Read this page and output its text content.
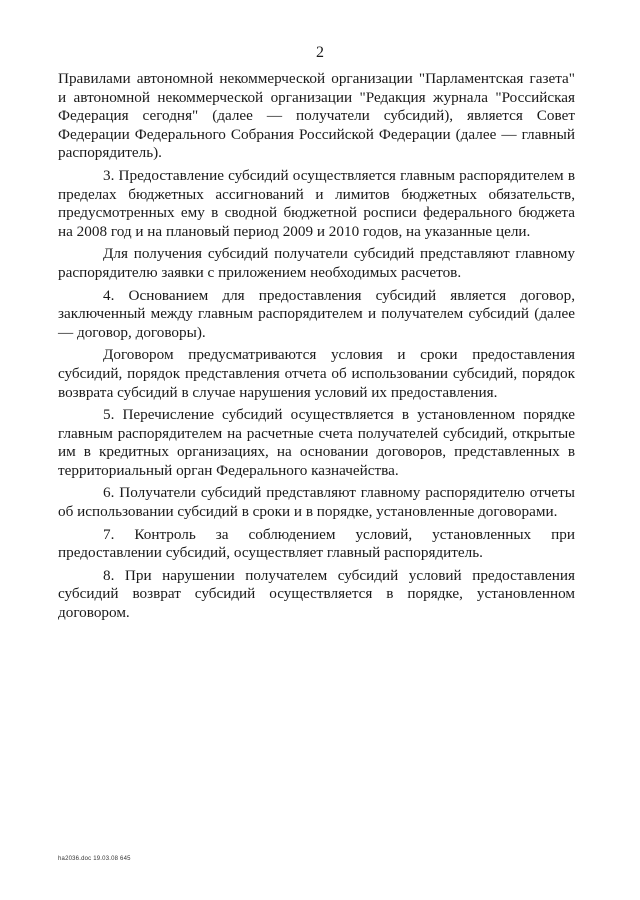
2

Правилами автономной некоммерческой организации "Парламентская газета" и автономной некоммерческой организации "Редакция журнала "Российская Федерация сегодня" (далее — получатели субсидий), является Совет Федерации Федерального Собрания Российской Федерации (далее — главный распорядитель).

3. Предоставление субсидий осуществляется главным распорядителем в пределах бюджетных ассигнований и лимитов бюджетных обязательств, предусмотренных ему в сводной бюджетной росписи федерального бюджета на 2008 год и на плановый период 2009 и 2010 годов, на указанные цели.

Для получения субсидий получатели субсидий представляют главному распорядителю заявки с приложением необходимых расчетов.

4. Основанием для предоставления субсидий является договор, заключенный между главным распорядителем и получателем субсидий (далее — договор, договоры).

Договором предусматриваются условия и сроки предоставления субсидий, порядок представления отчета об использовании субсидий, порядок возврата субсидий в случае нарушения условий их предоставления.

5. Перечисление субсидий осуществляется в установленном порядке главным распорядителем на расчетные счета получателей субсидий, открытые им в кредитных организациях, на основании договоров, представленных в территориальный орган Федерального казначейства.

6. Получатели субсидий представляют главному распорядителю отчеты об использовании субсидий в сроки и в порядке, установленные договорами.

7. Контроль за соблюдением условий, установленных при предоставлении субсидий, осуществляет главный распорядитель.

8. При нарушении получателем субсидий условий предоставления субсидий возврат субсидий осуществляется в порядке, установленном договором.

ha2036.doc 19.03.08 645
